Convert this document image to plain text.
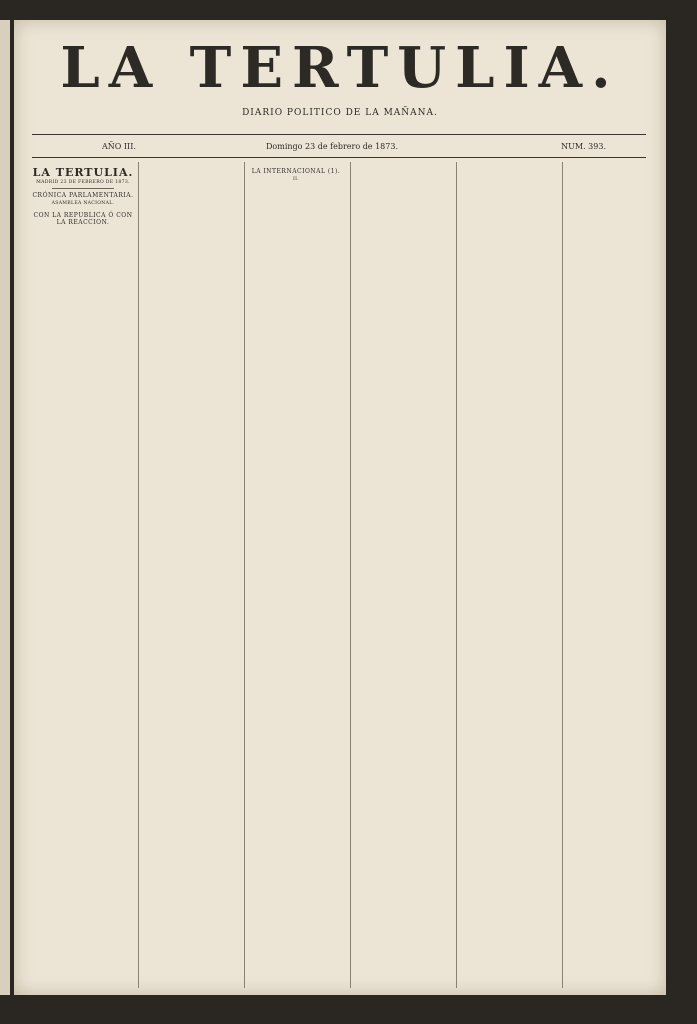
LA TERTULIA.
DIARIO POLITICO DE LA MAÑANA.
AÑO III.	Domingo 23 de febrero de 1873.	NUM. 393.
LA TERTULIA.
MADRID 23 DE FEBRERO DE 1873.
CRÓNICA PARLAMENTARIA.
ASAMBLEA NACIONAL.
CON LA REPUBLICA Ó CON LA REACCION.
LA INTERNACIONAL (1).
II.
